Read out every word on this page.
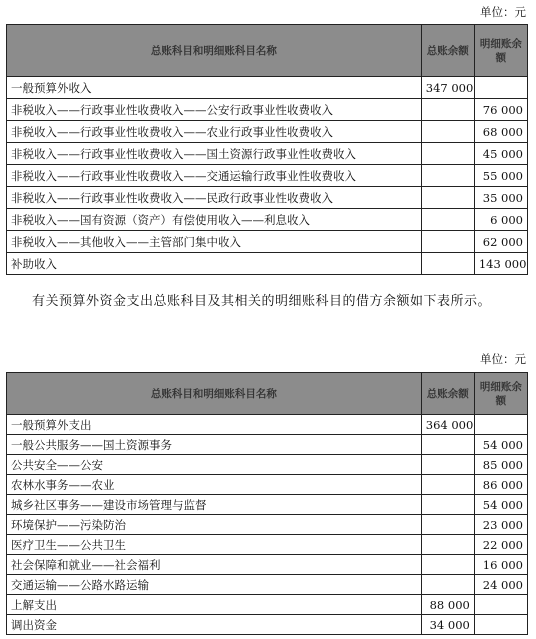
单位：元
总账科目和明细账科目名称	总账余额	明细账余额
一般预算外收入	347 000	
非税收入——行政事业性收费收入——公安行政事业性收费收入		76 000
非税收入——行政事业性收费收入——农业行政事业性收费收入		68 000
非税收入——行政事业性收费收入——国土资源行政事业性收费收入		45 000
非税收入——行政事业性收费收入——交通运输行政事业性收费收入		55 000
非税收入——行政事业性收费收入——民政行政事业性收费收入		35 000
非税收入——国有资源（资产）有偿使用收入——利息收入		6 000
非税收入——其他收入——主管部门集中收入		62 000
补助收入		143 000
有关预算外资金支出总账科目及其相关的明细账科目的借方余额如下表所示。
单位：元
总账科目和明细账科目名称	总账余额	明细账余额
一般预算外支出	364 000	
一般公共服务——国土资源事务		54 000
公共安全——公安		85 000
农林水事务——农业		86 000
城乡社区事务——建设市场管理与监督		54 000
环境保护——污染防治		23 000
医疗卫生——公共卫生		22 000
社会保障和就业——社会福利		16 000
交通运输——公路水路运输		24 000
上解支出	88 000	
调出资金	34 000	
